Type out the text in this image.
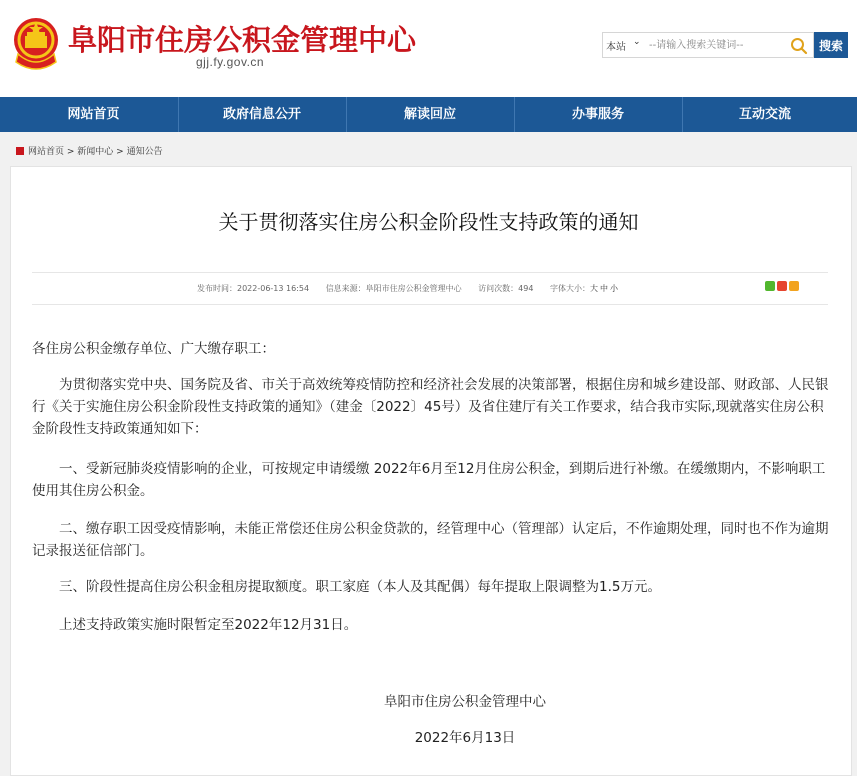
阜阳市住房公积金管理中心
gjj.fy.gov.cn
本站 ⌄
--请输入搜索关键词--	搜索
网站首页	政府信息公开	解读回应	办事服务	互动交流
网站首页 > 新闻中心 > 通知公告
关于贯彻落实住房公积金阶段性支持政策的通知
发布时间：2022-06-13 16:54 信息来源：阜阳市住房公积金管理中心 访问次数：494 字体大小：大 中 小
各住房公积金缴存单位、广大缴存职工：
为贯彻落实党中央、国务院及省、市关于高效统筹疫情防控和经济社会发展的决策部署，根据住房和城乡建设部、财政部、人民银行《关于实施住房公积金阶段性支持政策的通知》（建金〔2022〕45号）及省住建厅有关工作要求，结合我市实际,现就落实住房公积金阶段性支持政策通知如下：
一、受新冠肺炎疫情影响的企业，可按规定申请缓缴 2022年6月至12月住房公积金，到期后进行补缴。在缓缴期内，不影响职工使用其住房公积金。
二、缴存职工因受疫情影响，未能正常偿还住房公积金贷款的，经管理中心（管理部）认定后，不作逾期处理，同时也不作为逾期记录报送征信部门。
三、阶段性提高住房公积金租房提取额度。职工家庭（本人及其配偶）每年提取上限调整为1.5万元。
上述支持政策实施时限暂定至2022年12月31日。
阜阳市住房公积金管理中心
2022年6月13日
